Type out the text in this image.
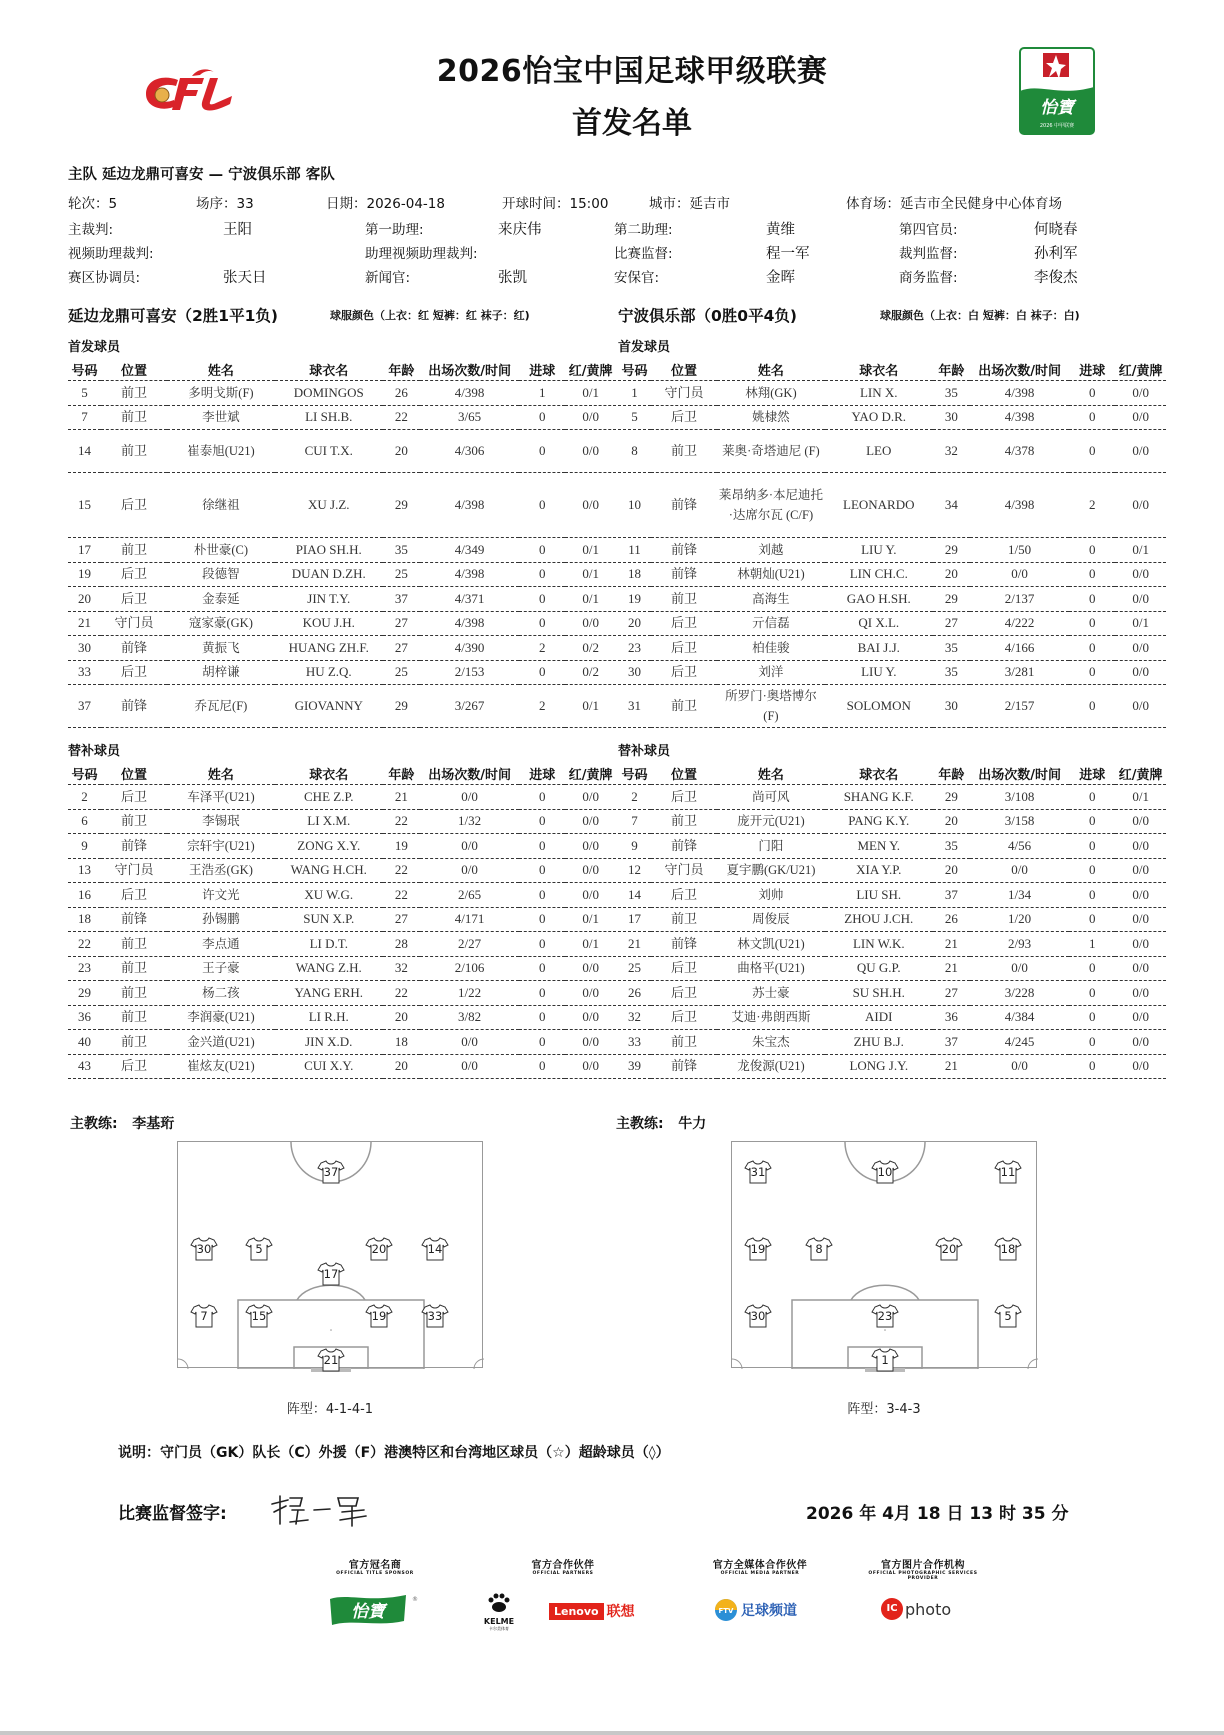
2026怡宝中国足球甲级联赛
首发名单	怡寶
2026 中甲联赛
主队 延边龙鼎可喜安 — 宁波俱乐部 客队
轮次：5	场序：33	日期：2026-04-18	开球时间：15:00	城市：延吉市	体育场：延吉市全民健身中心体育场
主裁判:	王阳	第一助理:	来庆伟	第二助理:	黄维	第四官员:	何晓春
视频助理裁判:	助理视频助理裁判:	比赛监督:	程一军	裁判监督:	孙利军
赛区协调员:	张天日	新闻官:	张凯	安保官:	金晖	商务监督:	李俊杰
延边龙鼎可喜安（2胜1平1负)	球服颜色（上衣：红 短裤：红 袜子：红)
首发球员
号码	位置	姓名	球衣名	年龄	出场次数/时间	进球	红/黄牌
5	前卫	多明戈斯(F)	DOMINGOS	26	4/398	1	0/1
7	前卫	李世斌	LI SH.B.	22	3/65	0	0/0
14	前卫	崔泰旭(U21)	CUI T.X.	20	4/306	0	0/0
15	后卫	徐继祖	XU J.Z.	29	4/398	0	0/0
17	前卫	朴世豪(C)	PIAO SH.H.	35	4/349	0	0/1
19	后卫	段德智	DUAN D.ZH.	25	4/398	0	0/1
20	后卫	金泰延	JIN T.Y.	37	4/371	0	0/1
21	守门员	寇家豪(GK)	KOU J.H.	27	4/398	0	0/0
30	前锋	黄振飞	HUANG ZH.F.	27	4/390	2	0/2
33	后卫	胡梓谦	HU Z.Q.	25	2/153	0	0/2
37	前锋	乔瓦尼(F)	GIOVANNY	29	3/267	2	0/1
替补球员
号码	位置	姓名	球衣名	年龄	出场次数/时间	进球	红/黄牌
2	后卫	车泽平(U21)	CHE Z.P.	21	0/0	0	0/0
6	前卫	李锡珉	LI X.M.	22	1/32	0	0/0
9	前锋	宗轩宇(U21)	ZONG X.Y.	19	0/0	0	0/0
13	守门员	王浩丞(GK)	WANG H.CH.	22	0/0	0	0/0
16	后卫	许文光	XU W.G.	22	2/65	0	0/0
18	前锋	孙锡鹏	SUN X.P.	27	4/171	0	0/1
22	前卫	李点通	LI D.T.	28	2/27	0	0/1
23	前卫	王子豪	WANG Z.H.	32	2/106	0	0/0
29	前卫	杨二孩	YANG ERH.	22	1/22	0	0/0
36	前卫	李润豪(U21)	LI R.H.	20	3/82	0	0/0
40	前卫	金兴道(U21)	JIN X.D.	18	0/0	0	0/0
43	后卫	崔炫友(U21)	CUI X.Y.	20	0/0	0	0/0
宁波俱乐部（0胜0平4负)	球服颜色（上衣：白 短裤：白 袜子：白)
首发球员
号码	位置	姓名	球衣名	年龄	出场次数/时间	进球	红/黄牌
1	守门员	林翔(GK)	LIN X.	35	4/398	0	0/0
5	后卫	姚棣然	YAO D.R.	30	4/398	0	0/0
8	前卫	莱奥·奇塔迪尼 (F)	LEO	32	4/378	0	0/0
10	前锋	莱昂纳多·本尼迪托·达席尔瓦 (C/F)	LEONARDO	34	4/398	2	0/0
11	前锋	刘越	LIU Y.	29	1/50	0	0/1
18	前锋	林朝灿(U21)	LIN CH.C.	20	0/0	0	0/0
19	前卫	高海生	GAO H.SH.	29	2/137	0	0/0
20	后卫	亓信磊	QI X.L.	27	4/222	0	0/1
23	后卫	柏佳骏	BAI J.J.	35	4/166	0	0/0
30	后卫	刘洋	LIU Y.	35	3/281	0	0/0
31	前卫	所罗门·奥塔博尔 (F)	SOLOMON	30	2/157	0	0/0
替补球员
号码	位置	姓名	球衣名	年龄	出场次数/时间	进球	红/黄牌
2	后卫	尚可风	SHANG K.F.	29	3/108	0	0/1
7	前卫	庞开元(U21)	PANG K.Y.	20	3/158	0	0/0
9	前锋	门阳	MEN Y.	35	4/56	0	0/0
12	守门员	夏宇鹏(GK/U21)	XIA Y.P.	20	0/0	0	0/0
14	后卫	刘帅	LIU SH.	37	1/34	0	0/0
17	前卫	周俊辰	ZHOU J.CH.	26	1/20	0	0/0
21	前锋	林文凯(U21)	LIN W.K.	21	2/93	1	0/0
25	后卫	曲格平(U21)	QU G.P.	21	0/0	0	0/0
26	后卫	苏士豪	SU SH.H.	27	3/228	0	0/0
32	后卫	艾迪·弗朗西斯	AIDI	36	4/384	0	0/0
33	前卫	朱宝杰	ZHU B.J.	37	4/245	0	0/0
39	前锋	龙俊源(U21)	LONG J.Y.	21	0/0	0	0/0
主教练: 李基珩	主教练: 牛力
37
30	5	20	14
17
7	15	19	33
21
31	10	11
19	8	20	18
30	23	5
1
阵型：4-1-4-1	阵型：3-4-3
说明：守门员（GK）队长（C）外援（F）港澳特区和台湾地区球员（☆）超龄球员（◊）
比赛监督签字:	2026 年 4月 18 日 13 时 35 分
官方冠名商
OFFICIAL TITLE SPONSOR
官方合作伙伴
OFFICIAL PARTNERS
官方全媒体合作伙伴
OFFICIAL MEDIA PARTNER
官方图片合作机构
OFFICIAL PHOTOGRAPHIC SERVICES PROVIDER
怡寶
®
KELME
卡尔美体育
Lenovo 联想	FTV 足球频道	IC photo
